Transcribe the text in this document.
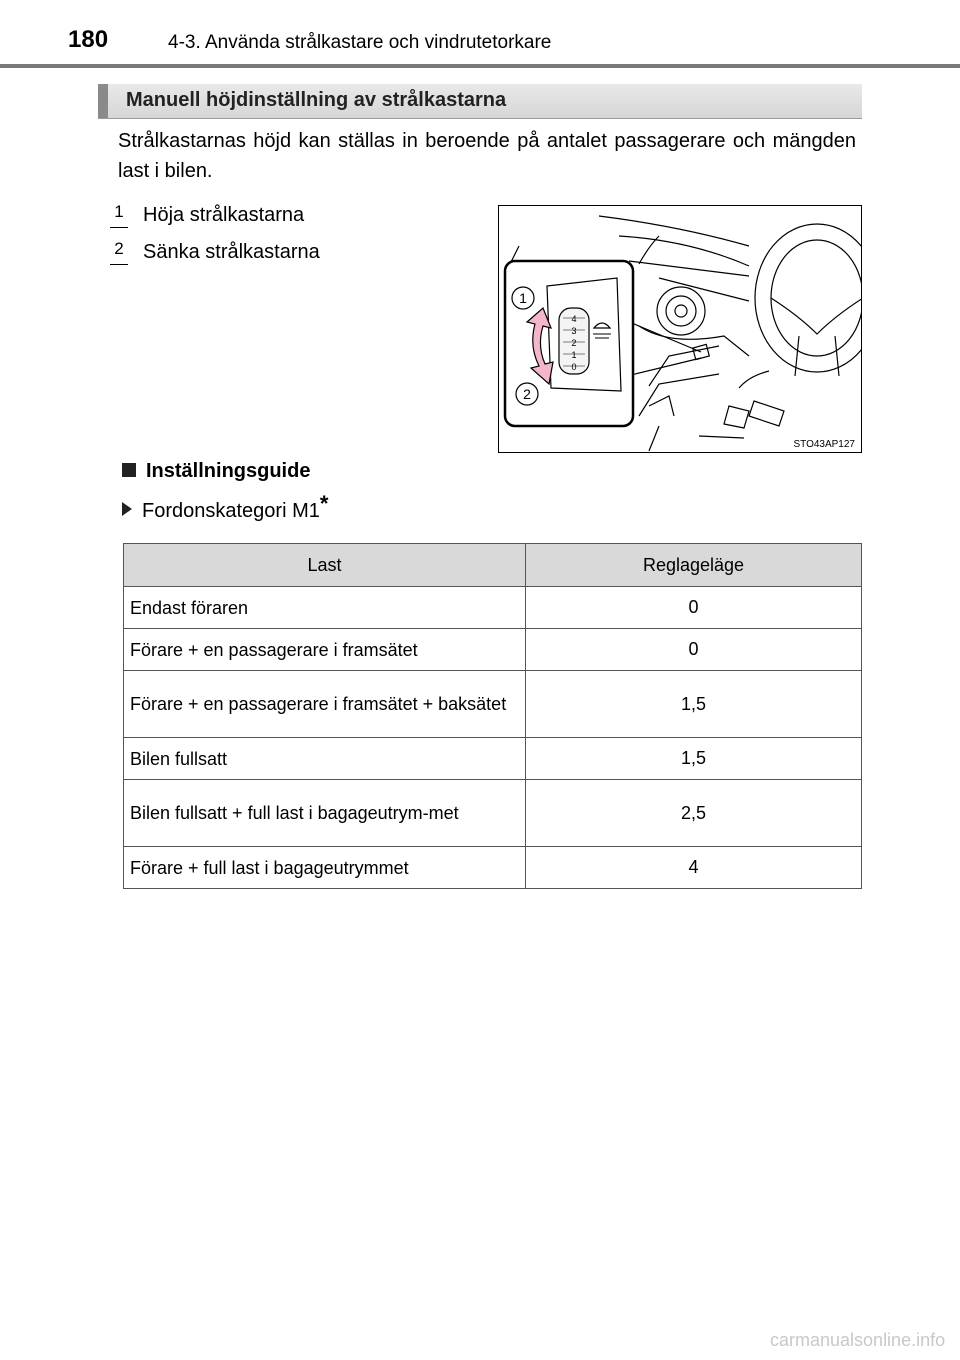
180	4-3. Använda strålkastare och vindrutetorkare
Manuell höjdinställning av strålkastarna
Strålkastarnas höjd kan ställas in beroende på antalet passagerare och mängden last i bilen.
1 Höja strålkastarna
2 Sänka strålkastarna
1
2
4
3
2
1
0
STO43AP127
Inställningsguide
Fordonskategori M1*
Last	Reglageläge
Endast föraren	0
Förare + en passagerare i framsätet	0
Förare + en passagerare i framsätet + baksätet	1,5
Bilen fullsatt	1,5
Bilen fullsatt + full last i bagageutrym-met	2,5
Förare + full last i bagageutrymmet	4
carmanualsonline.info
